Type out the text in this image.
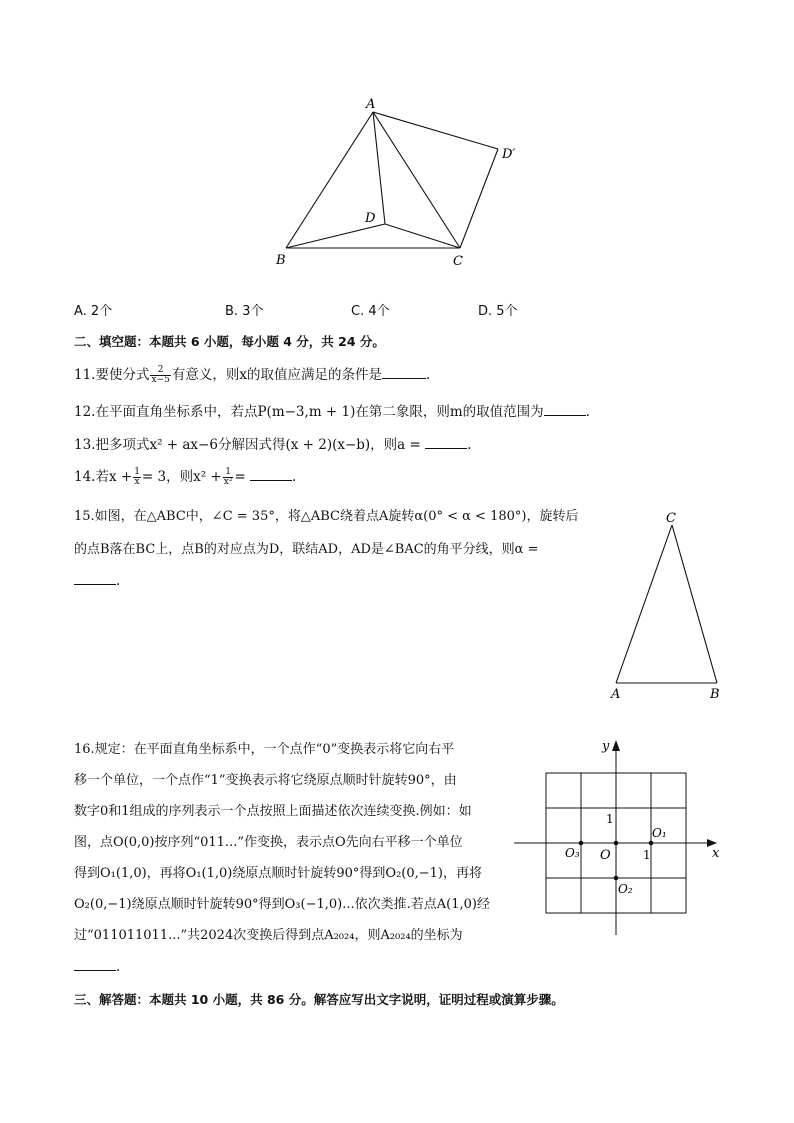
A
B	C
D
D′
A. 2个	B. 3个	C. 4个	D. 5个
二、填空题：本题共 6 小题，每小题 4 分，共 24 分。
11.要使分式 $\frac{2}{x-5}$ 有意义，则x的取值应满足的条件是	.
12.在平面直角坐标系中，若点P(m−3,m + 1)在第二象限，则m的取值范围为	.
13.把多项式x² + ax−6分解因式得(x + 2)(x−b)，则a =	.
14.若$x + \frac{1}{x} = 3$，则$x^2 + \frac{1}{\text{x²}}$ =	.
15.如图，在△ABC中，∠C = 35°，将△ABC绕着点A旋转α(0° < α < 180°)，旋转后
的点B落在BC上，点B的对应点为D，联结AD，AD是∠BAC的角平分线，则α =
.
C
A	B
16.规定：在平面直角坐标系中，一个点作“0”变换表示将它向右平
移一个单位，一个点作“1”变换表示将它绕原点顺时针旋转90°，由
数字0和1组成的序列表示一个点按照上面描述依次连续变换.例如：如
图，点O(0,0)按序列“011...”作变换，表示点O先向右平移一个单位
得到O₁(1,0)，再将O₁(1,0)绕原点顺时针旋转90°得到O₂(0,−1)，再将
O₂(0,−1)绕原点顺时针旋转90°得到O₃(−1,0)...依次类推.若点A(1,0)经
过“011011011...”共2024次变换后得到点A₂₀₂₄，则A₂₀₂₄的坐标为
.
y
x
O
O₁
O₂
O₃
1
1
三、解答题：本题共 10 小题，共 86 分。解答应写出文字说明，证明过程或演算步骤。
